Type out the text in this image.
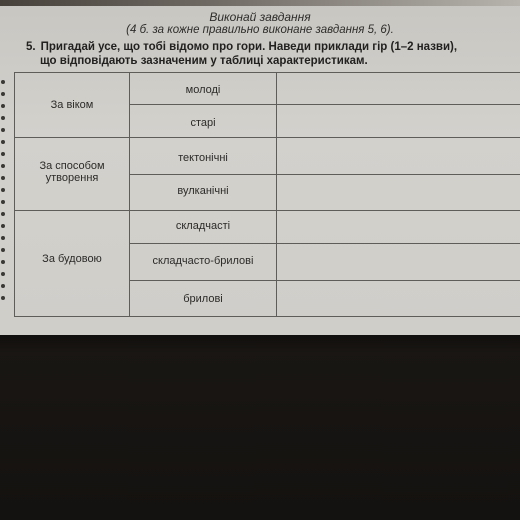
Виконай завдання
(4 б. за кожне правильно виконане завдання 5, 6).
5. Пригадай усе, що тобі відомо про гори. Наведи приклади гір (1–2 назви),
що відповідають зазначеним у таблиці характеристикам.
За віком	молоді	
	старі	

За способом утворення	тектонічні	
	вулканічні	

За будовою	складчасті	
	складчасто-брилові	
	брилові	
